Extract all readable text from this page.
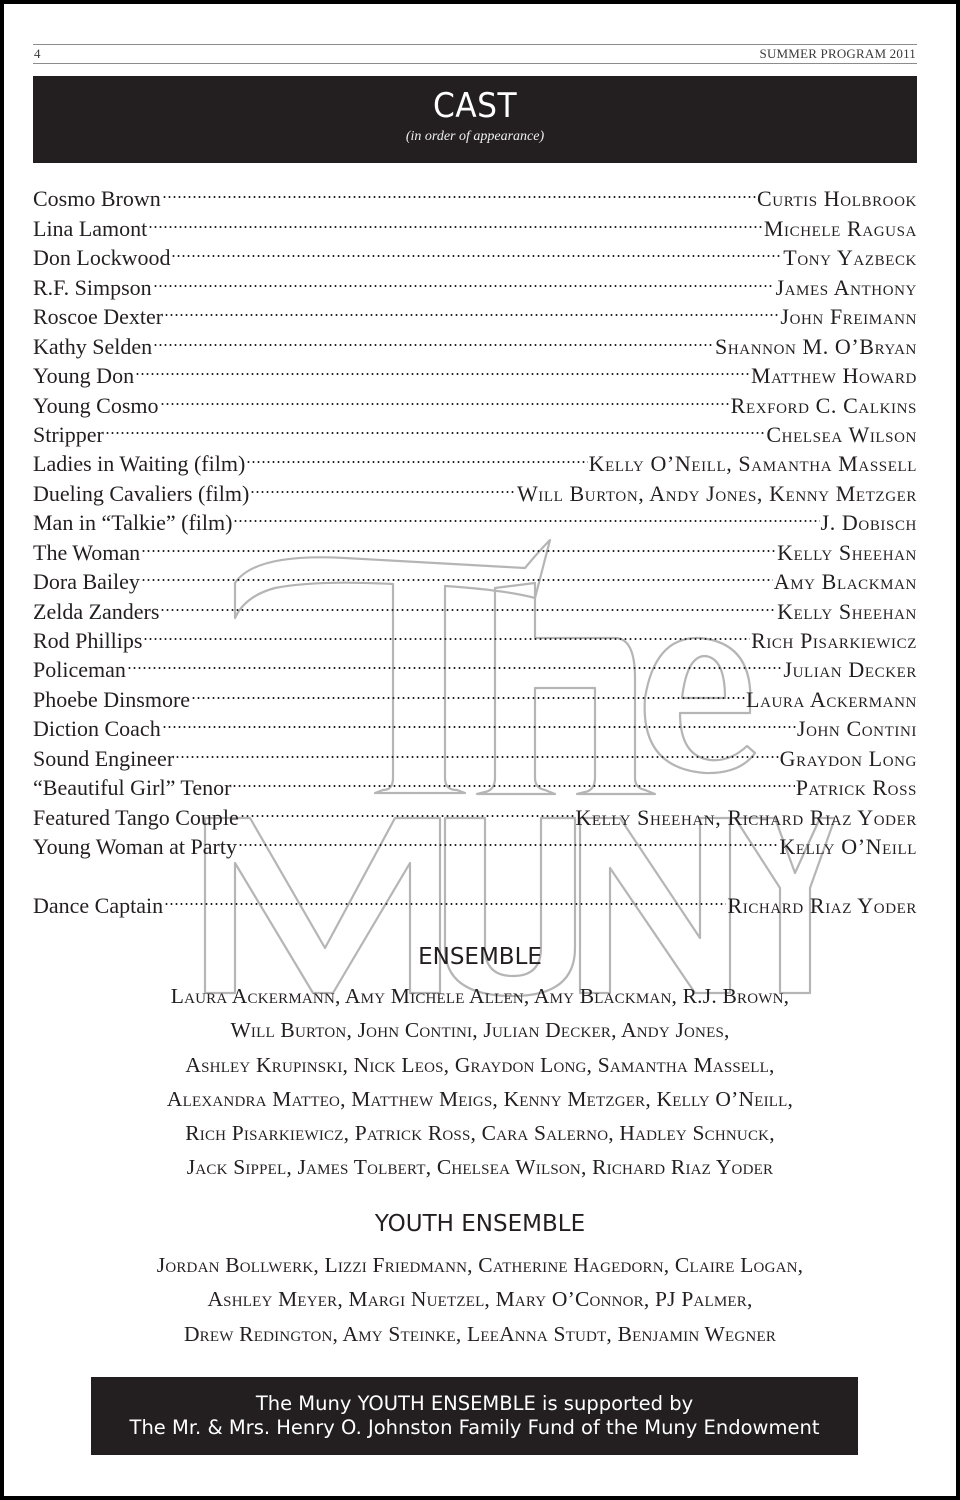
4	SUMMER PROGRAM 2011
CAST
(in order of appearance)
Cosmo Brown	Curtis Holbrook
Lina Lamont	Michele Ragusa
Don Lockwood	Tony Yazbeck
R.F. Simpson	James Anthony
Roscoe Dexter	John Freimann
Kathy Selden	Shannon M. O’Bryan
Young Don	Matthew Howard
Young Cosmo	Rexford C. Calkins
Stripper	Chelsea Wilson
Ladies in Waiting (film)	Kelly O’Neill, Samantha Massell
Dueling Cavaliers (film)	Will Burton, Andy Jones, Kenny Metzger
Man in “Talkie” (film)	J. Dobisch
The Woman	Kelly Sheehan
Dora Bailey	Amy Blackman
Zelda Zanders	Kelly Sheehan
Rod Phillips	Rich Pisarkiewicz
Policeman	Julian Decker
Phoebe Dinsmore	Laura Ackermann
Diction Coach	John Contini
Sound Engineer	Graydon Long
“Beautiful Girl” Tenor	Patrick Ross
Featured Tango Couple	Kelly Sheehan, Richard Riaz Yoder
Young Woman at Party	Kelly O’Neill
Dance Captain	Richard Riaz Yoder
ENSEMBLE
Laura Ackermann, Amy Michele Allen, Amy Blackman, R.J. Brown,
Will Burton, John Contini, Julian Decker, Andy Jones,
Ashley Krupinski, Nick Leos, Graydon Long, Samantha Massell,
Alexandra Matteo, Matthew Meigs, Kenny Metzger, Kelly O’Neill,
Rich Pisarkiewicz, Patrick Ross, Cara Salerno, Hadley Schnuck,
Jack Sippel, James Tolbert, Chelsea Wilson, Richard Riaz Yoder
YOUTH ENSEMBLE
Jordan Bollwerk, Lizzi Friedmann, Catherine Hagedorn, Claire Logan,
Ashley Meyer, Margi Nuetzel, Mary O’Connor, PJ Palmer,
Drew Redington, Amy Steinke, LeeAnna Studt, Benjamin Wegner
The Muny YOUTH ENSEMBLE is supported by
The Mr. & Mrs. Henry O. Johnston Family Fund of the Muny Endowment
